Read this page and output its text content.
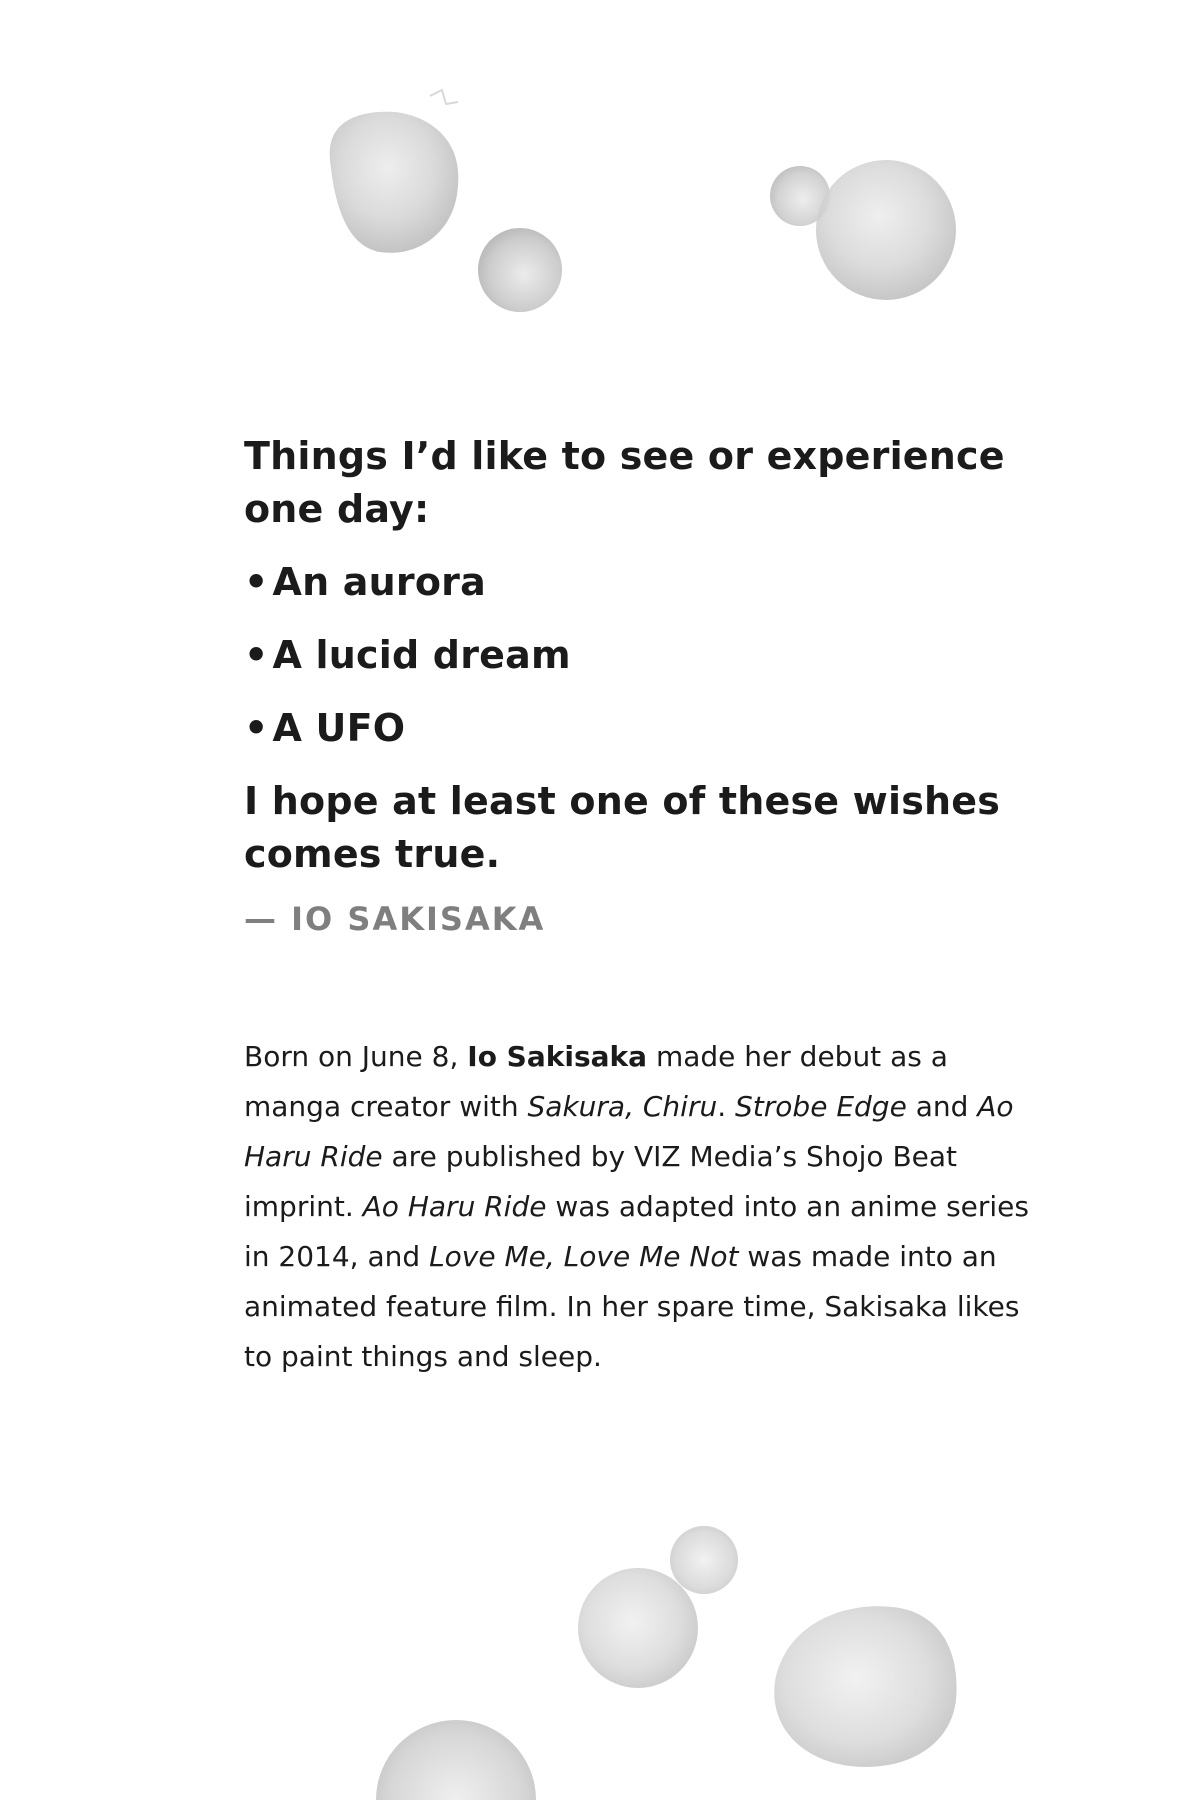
Things I’d like to see or experience one day:

• An aurora
• A lucid dream
• A UFO

I hope at least one of these wishes comes true.

— IO SAKISAKA

Born on June 8, Io Sakisaka made her debut as a manga creator with Sakura, Chiru. Strobe Edge and Ao Haru Ride are published by VIZ Media’s Shojo Beat imprint. Ao Haru Ride was adapted into an anime series in 2014, and Love Me, Love Me Not was made into an animated feature film. In her spare time, Sakisaka likes to paint things and sleep.
